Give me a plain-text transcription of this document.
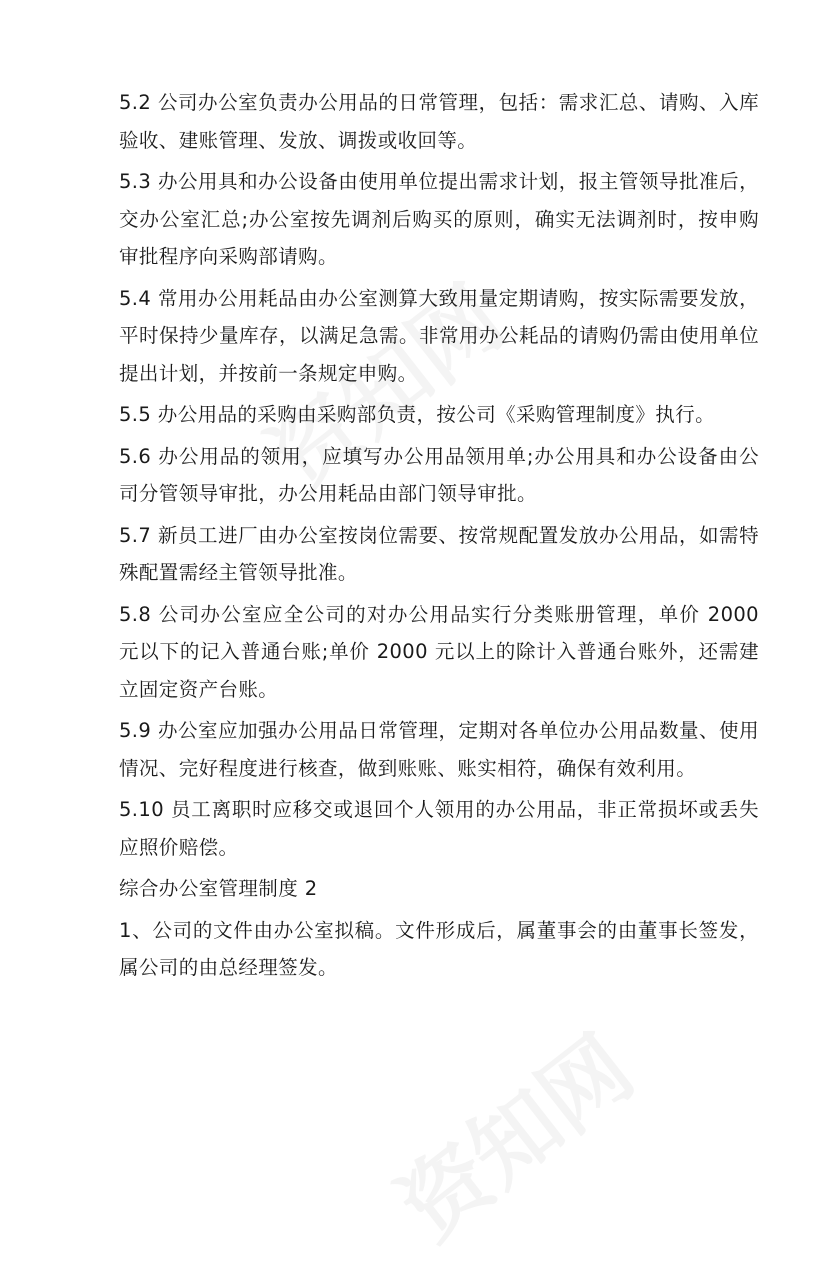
5.2 公司办公室负责办公用品的日常管理，包括：需求汇总、请购、入库验收、建账管理、发放、调拨或收回等。

5.3 办公用具和办公设备由使用单位提出需求计划，报主管领导批准后，交办公室汇总;办公室按先调剂后购买的原则，确实无法调剂时，按申购审批程序向采购部请购。

5.4 常用办公用耗品由办公室测算大致用量定期请购，按实际需要发放，平时保持少量库存，以满足急需。非常用办公耗品的请购仍需由使用单位提出计划，并按前一条规定申购。

5.5 办公用品的采购由采购部负责，按公司《采购管理制度》执行。

5.6 办公用品的领用，应填写办公用品领用单;办公用具和办公设备由公司分管领导审批，办公用耗品由部门领导审批。

5.7 新员工进厂由办公室按岗位需要、按常规配置发放办公用品，如需特殊配置需经主管领导批准。

5.8 公司办公室应全公司的对办公用品实行分类账册管理，单价 2000 元以下的记入普通台账;单价 2000 元以上的除计入普通台账外，还需建立固定资产台账。

5.9 办公室应加强办公用品日常管理，定期对各单位办公用品数量、使用情况、完好程度进行核查，做到账账、账实相符，确保有效利用。

5.10 员工离职时应移交或退回个人领用的办公用品，非正常损坏或丢失应照价赔偿。

综合办公室管理制度 2

1、公司的文件由办公室拟稿。文件形成后，属董事会的由董事长签发，属公司的由总经理签发。
